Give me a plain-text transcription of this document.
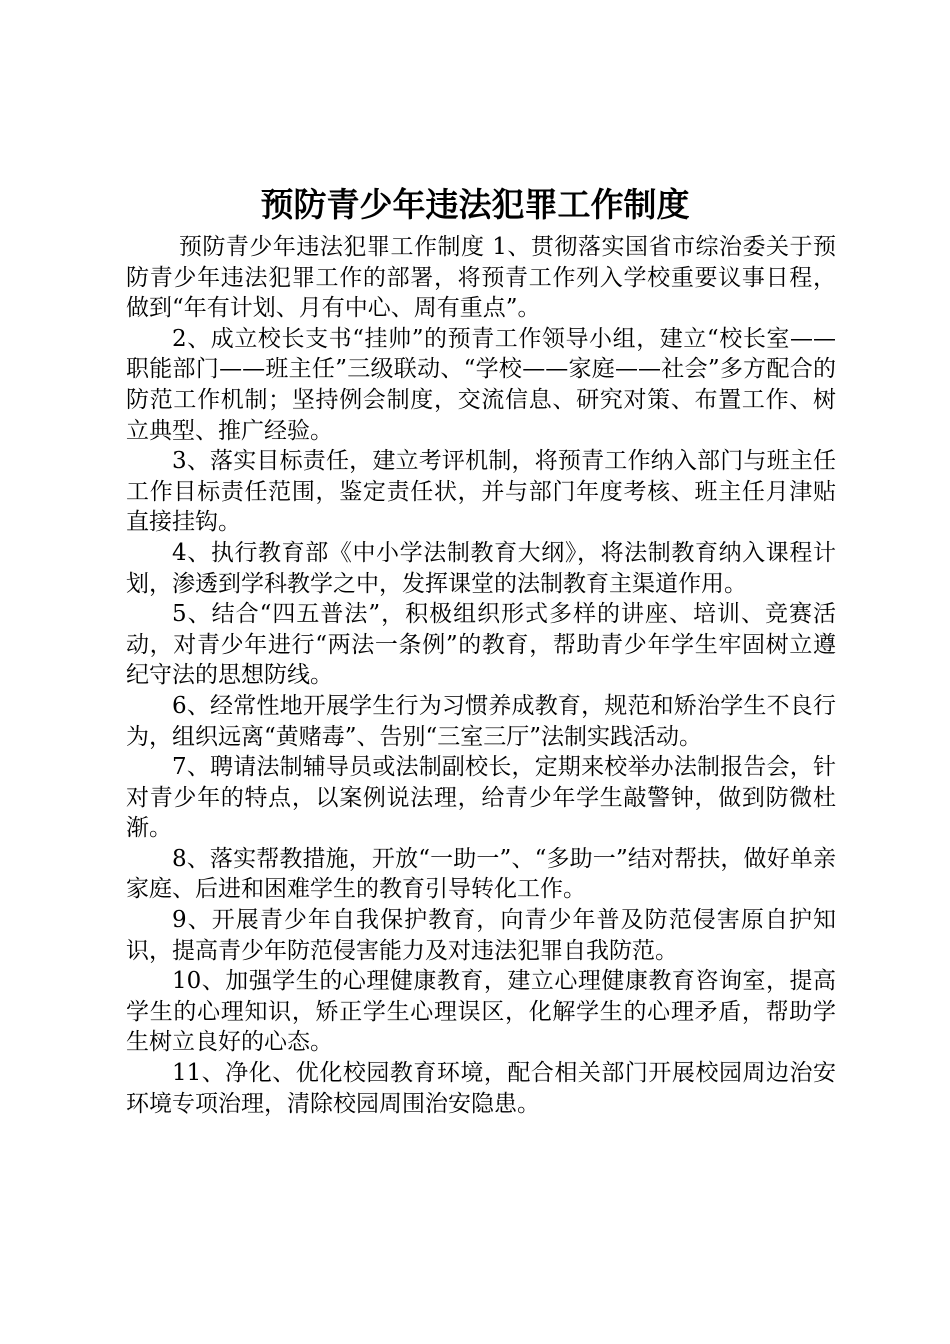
预防青少年违法犯罪工作制度

预防青少年违法犯罪工作制度 1、贯彻落实国省市综治委关于预防青少年违法犯罪工作的部署，将预青工作列入学校重要议事日程，做到“年有计划、月有中心、周有重点”。

2、成立校长支书“挂帅”的预青工作领导小组，建立“校长室——职能部门——班主任”三级联动、“学校——家庭——社会”多方配合的防范工作机制；坚持例会制度，交流信息、研究对策、布置工作、树立典型、推广经验。

3、落实目标责任，建立考评机制，将预青工作纳入部门与班主任工作目标责任范围，鉴定责任状，并与部门年度考核、班主任月津贴直接挂钩。

4、执行教育部《中小学法制教育大纲》，将法制教育纳入课程计划，渗透到学科教学之中，发挥课堂的法制教育主渠道作用。

5、结合“四五普法”，积极组织形式多样的讲座、培训、竞赛活动，对青少年进行“两法一条例”的教育，帮助青少年学生牢固树立遵纪守法的思想防线。

6、经常性地开展学生行为习惯养成教育，规范和矫治学生不良行为，组织远离“黄赌毒”、告别“三室三厅”法制实践活动。

7、聘请法制辅导员或法制副校长，定期来校举办法制报告会，针对青少年的特点，以案例说法理，给青少年学生敲警钟，做到防微杜渐。

8、落实帮教措施，开放“一助一”、“多助一”结对帮扶，做好单亲家庭、后进和困难学生的教育引导转化工作。

9、开展青少年自我保护教育，向青少年普及防范侵害原自护知识，提高青少年防范侵害能力及对违法犯罪自我防范。

10、加强学生的心理健康教育，建立心理健康教育咨询室，提高学生的心理知识，矫正学生心理误区，化解学生的心理矛盾，帮助学生树立良好的心态。

11、净化、优化校园教育环境，配合相关部门开展校园周边治安环境专项治理，清除校园周围治安隐患。
